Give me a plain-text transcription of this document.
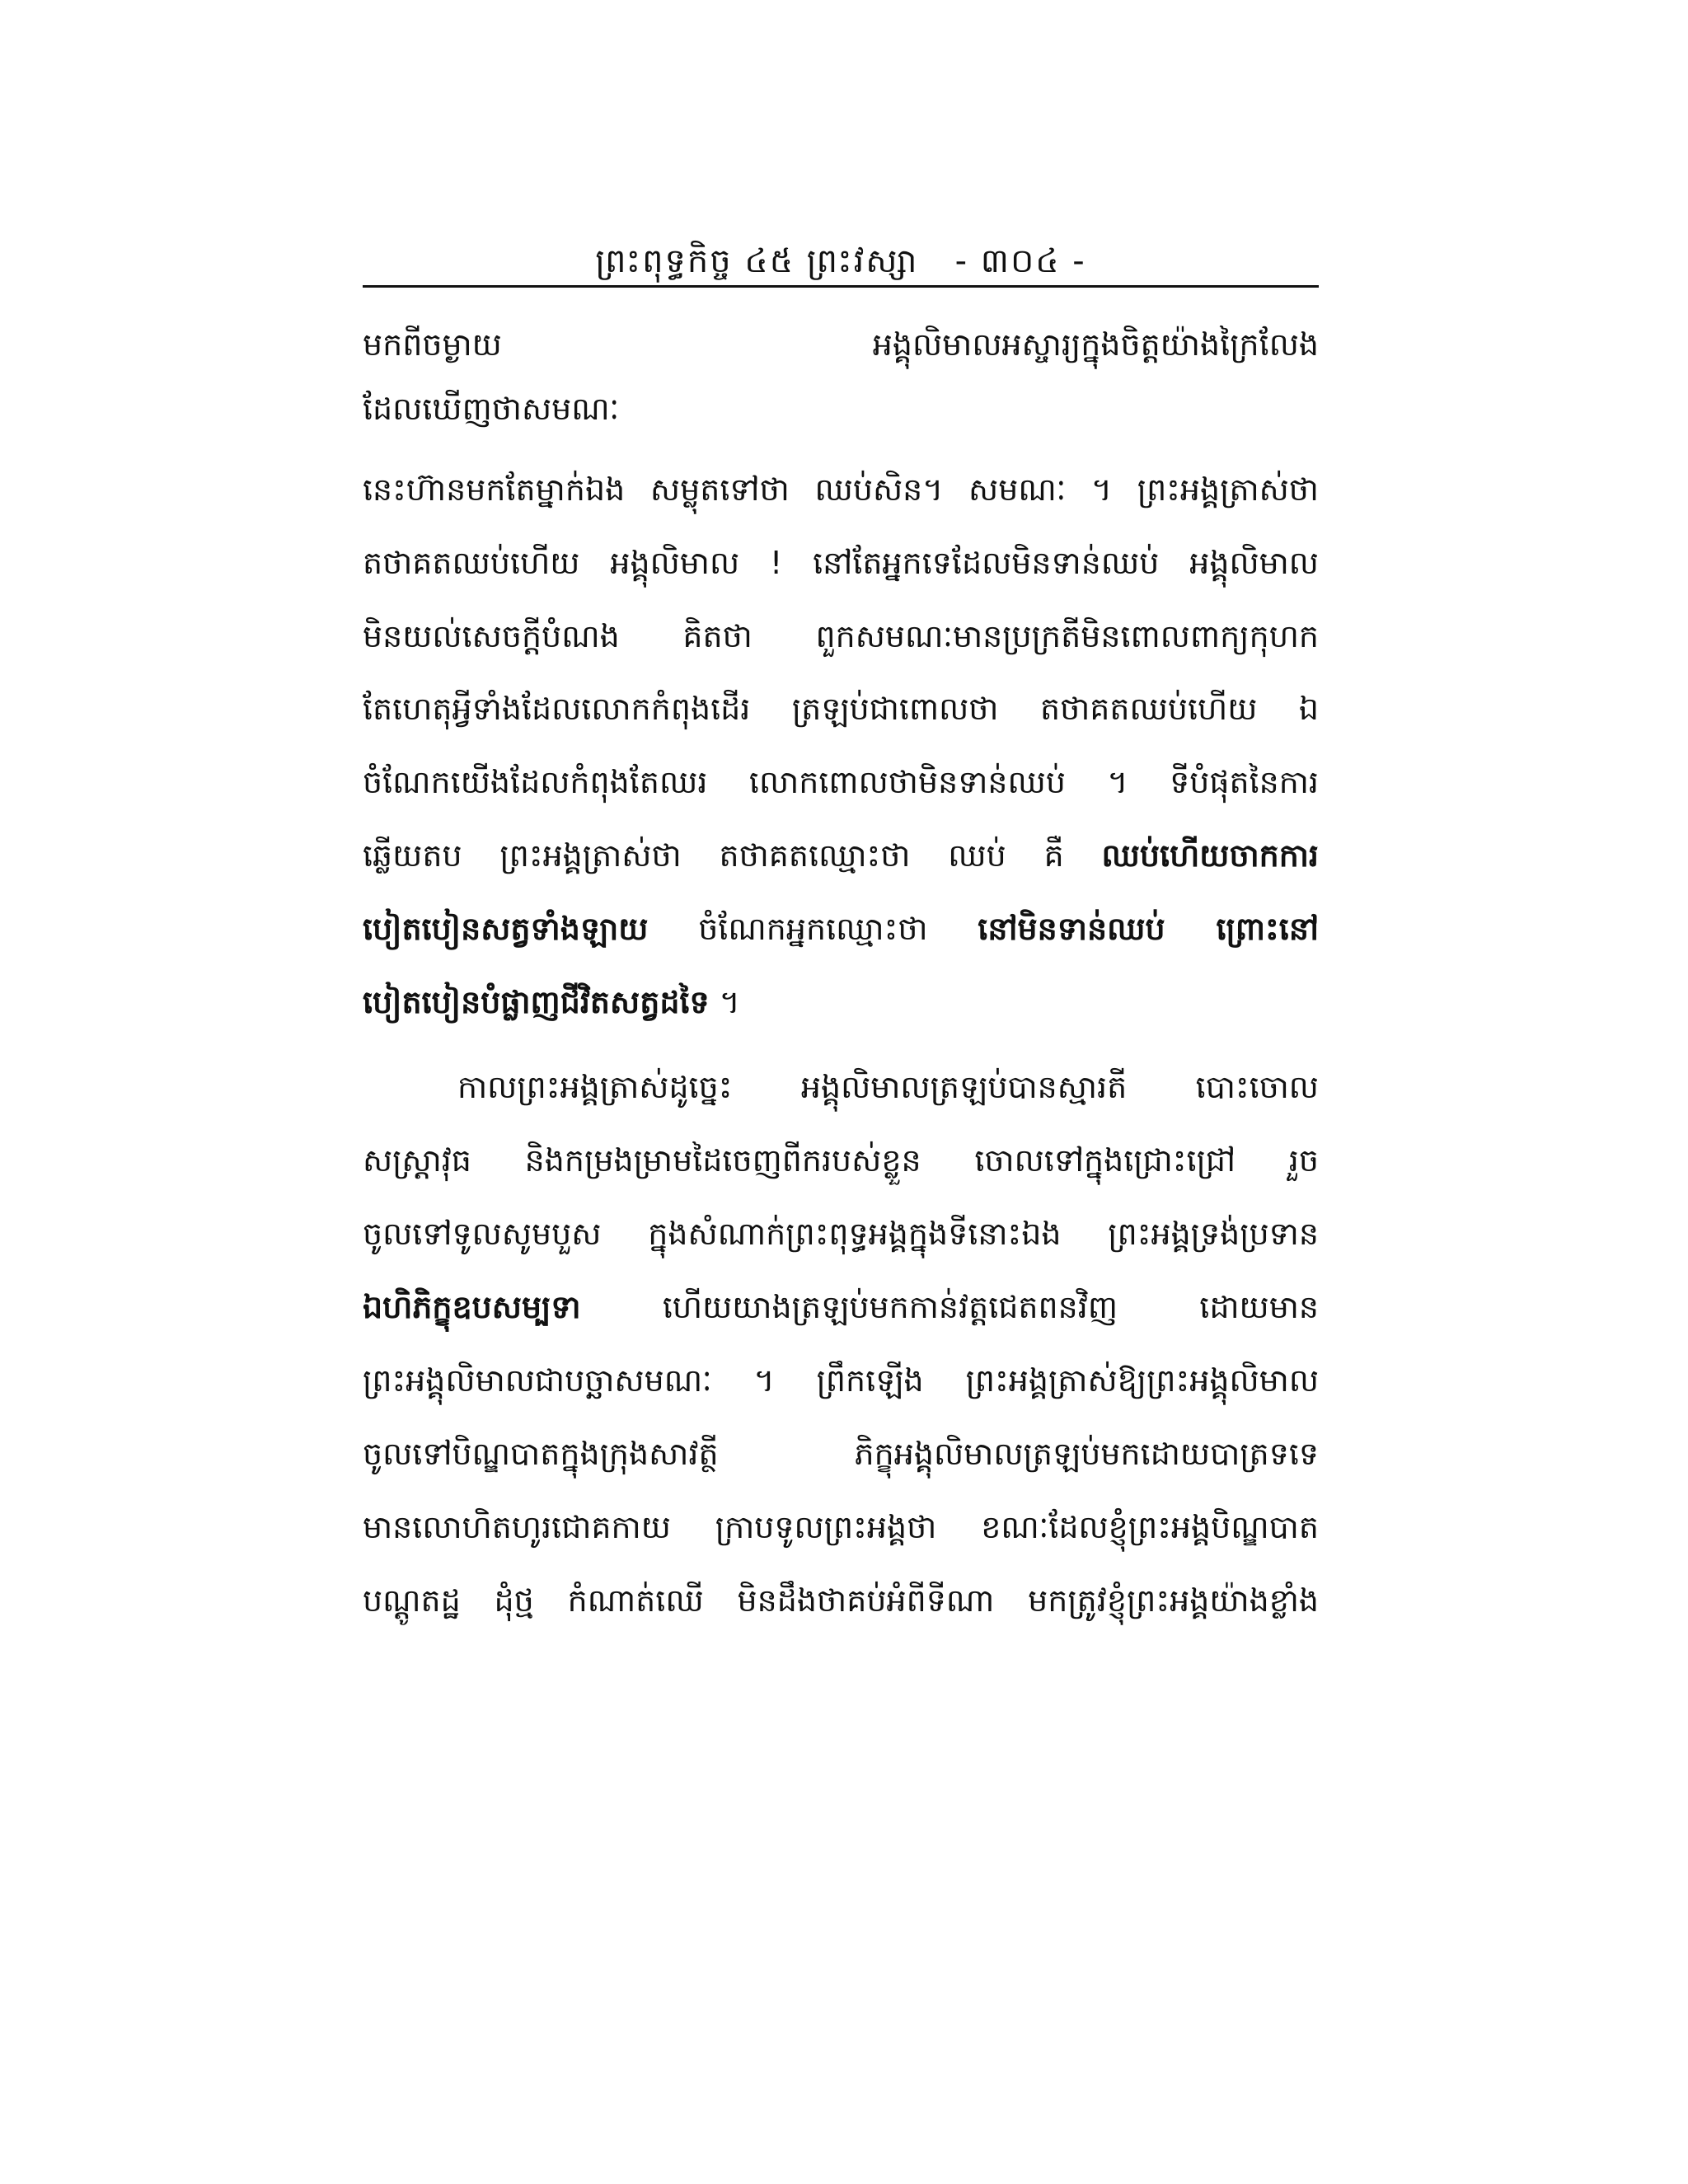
ព្រះពុទ្ធកិច្ច ៤៥ ព្រះវស្សា - ៣០៤ -
មកពីចម្ងាយ	អង្គុលិមាលអស្ចារ្យក្នុងចិត្តយ៉ាងក្រៃលែង
ដែលឃើញថាសមណៈ
នេះហ៊ានមកតែម្នាក់ឯង សម្លុតទៅថា ឈប់សិន។ សមណៈ ។ ព្រះអង្គត្រាស់ថា
តថាគតឈប់ហើយ អង្គុលិមាល ! នៅតែអ្នកទេដែលមិនទាន់ឈប់ អង្គុលិមាល
មិនយល់សេចក្តីបំណង គិតថា ពួកសមណៈមានប្រក្រតីមិនពោលពាក្យកុហក
តែហេតុអ្វីទាំងដែលលោកកំពុងដើរ ត្រឡប់ជាពោលថា តថាគតឈប់ហើយ ឯ
ចំណែកយើងដែលកំពុងតែឈរ លោកពោលថាមិនទាន់ឈប់ ។ ទីបំផុតនៃការ
ឆ្លើយតប ព្រះអង្គត្រាស់ថា តថាគតឈ្មោះថា ឈប់ គឺ ឈប់ហើយចាកការ
បៀតបៀនសត្វទាំងឡាយ ចំណែកអ្នកឈ្មោះថា នៅមិនទាន់ឈប់ ព្រោះនៅ
បៀតបៀនបំផ្លាញជីវិតសត្វដទៃ ។
កាលព្រះអង្គត្រាស់ដូច្នេះ អង្គុលិមាលត្រឡប់បានស្មារតី បោះចោល
សស្ត្រាវុធ និងកម្រងម្រាមដៃចេញពីករបស់ខ្លួន ចោលទៅក្នុងជ្រោះជ្រៅ រួច
ចូលទៅទូលសូមបួស ក្នុងសំណាក់ព្រះពុទ្ធអង្គក្នុងទីនោះឯង ព្រះអង្គទ្រង់ប្រទាន
ឯហិភិក្ខុឧបសម្បទា ហើយយាងត្រឡប់មកកាន់វត្តជេតពនវិញ ដោយមាន
ព្រះអង្គុលិមាលជាបច្ឆាសមណៈ ។ ព្រឹកឡើង ព្រះអង្គត្រាស់ឱ្យព្រះអង្គុលិមាល
ចូលទៅបិណ្ឌបាតក្នុងក្រុងសាវត្ថី ភិក្ខុអង្គុលិមាលត្រឡប់មកដោយបាត្រទទេ
មានលោហិតហូរជោគកាយ ក្រាបទូលព្រះអង្គថា ខណៈដែលខ្ញុំព្រះអង្គបិណ្ឌបាត
បណ្តូតដ្ឋ ដុំថ្ម កំណាត់ឈើ មិនដឹងថាគប់អំពីទីណា មកត្រូវខ្ញុំព្រះអង្គយ៉ាងខ្លាំង
